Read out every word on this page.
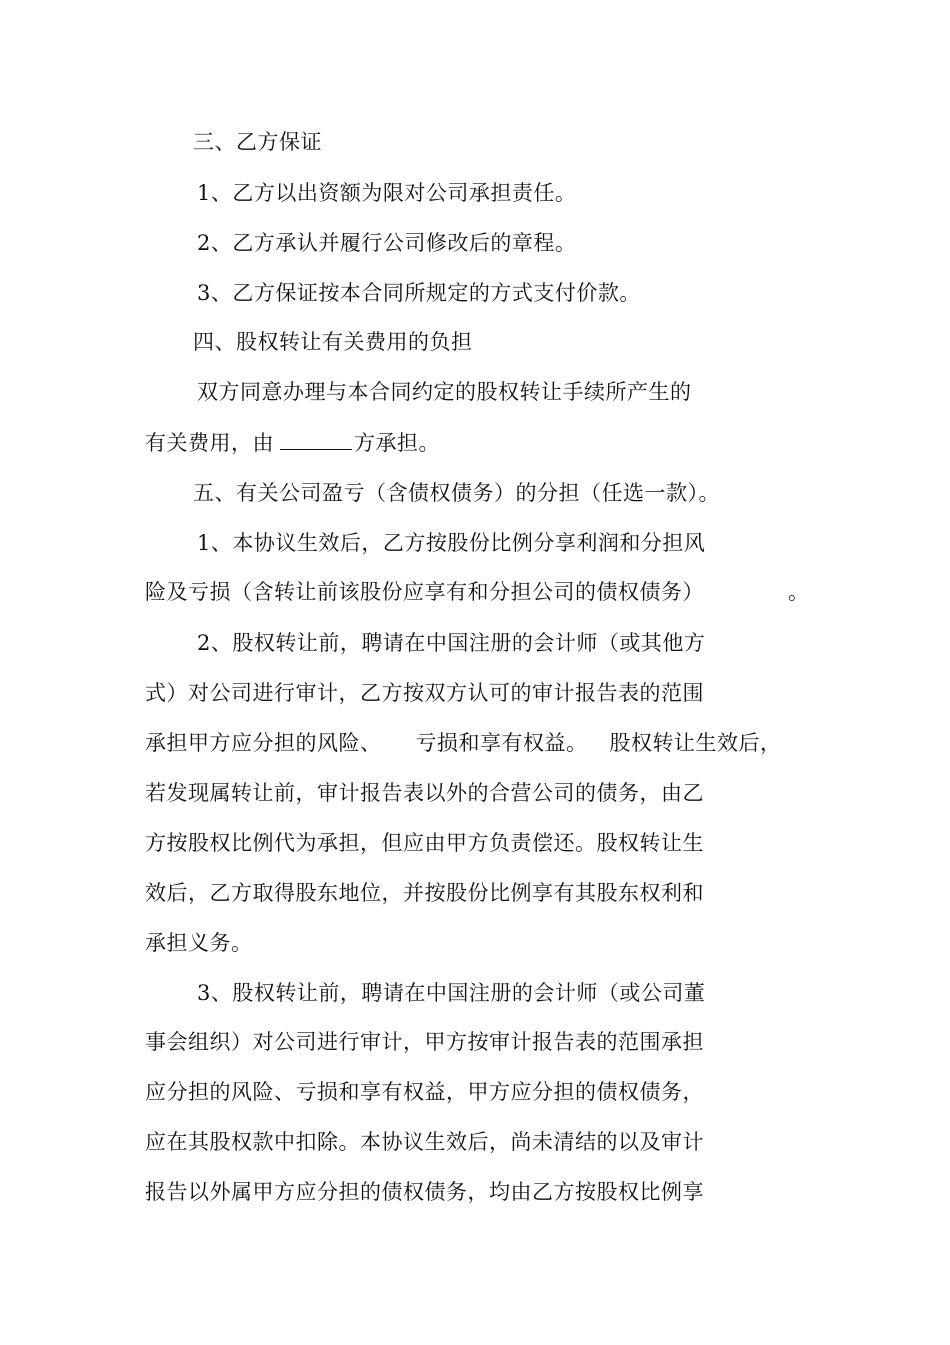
三、乙方保证
1、乙方以出资额为限对公司承担责任。
2、乙方承认并履行公司修改后的章程。
3、乙方保证按本合同所规定的方式支付价款。
四、股权转让有关费用的负担
双方同意办理与本合同约定的股权转让手续所产生的
有关费用，由	方承担。
五、有关公司盈亏（含债权债务）的分担（任选一款）。
1、本协议生效后，乙方按股份比例分享利润和分担风
险及亏损（含转让前该股份应享有和分担公司的债权债务）	。
2、股权转让前，聘请在中国注册的会计师（或其他方
式）对公司进行审计，乙方按双方认可的审计报告表的范围
承担甲方应分担的风险、 亏损和享有权益。 股权转让生效后，
若发现属转让前，审计报告表以外的合营公司的债务，由乙
方按股权比例代为承担，但应由甲方负责偿还。股权转让生
效后，乙方取得股东地位，并按股份比例享有其股东权利和
承担义务。
3、股权转让前，聘请在中国注册的会计师（或公司董
事会组织）对公司进行审计，甲方按审计报告表的范围承担
应分担的风险、亏损和享有权益，甲方应分担的债权债务，
应在其股权款中扣除。本协议生效后，尚未清结的以及审计
报告以外属甲方应分担的债权债务，均由乙方按股权比例享
